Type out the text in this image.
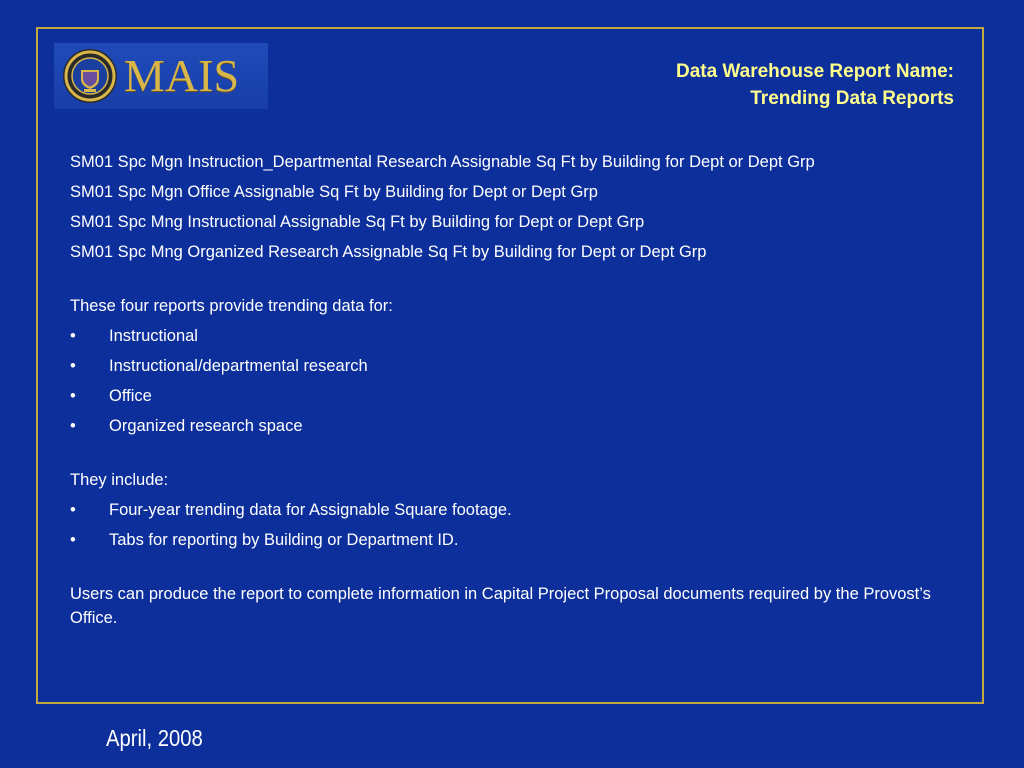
MAIS	Data Warehouse Report Name:
Trending Data Reports
SM01 Spc Mgn Instruction_Departmental Research Assignable Sq Ft by Building for Dept or Dept Grp
SM01 Spc Mgn Office Assignable Sq Ft by Building for Dept or Dept Grp
SM01 Spc Mng Instructional Assignable Sq Ft by Building for Dept or Dept Grp
SM01 Spc Mng Organized Research Assignable Sq Ft by Building for Dept or Dept Grp
These four reports provide trending data for:
•	Instructional
•	Instructional/departmental research
•	Office
•	Organized research space
They include:
•	Four-year trending data for Assignable Square footage.
•	Tabs for reporting by Building or Department ID.
Users can produce the report to complete information in Capital Project Proposal documents required by the Provost’s Office.
April, 2008
